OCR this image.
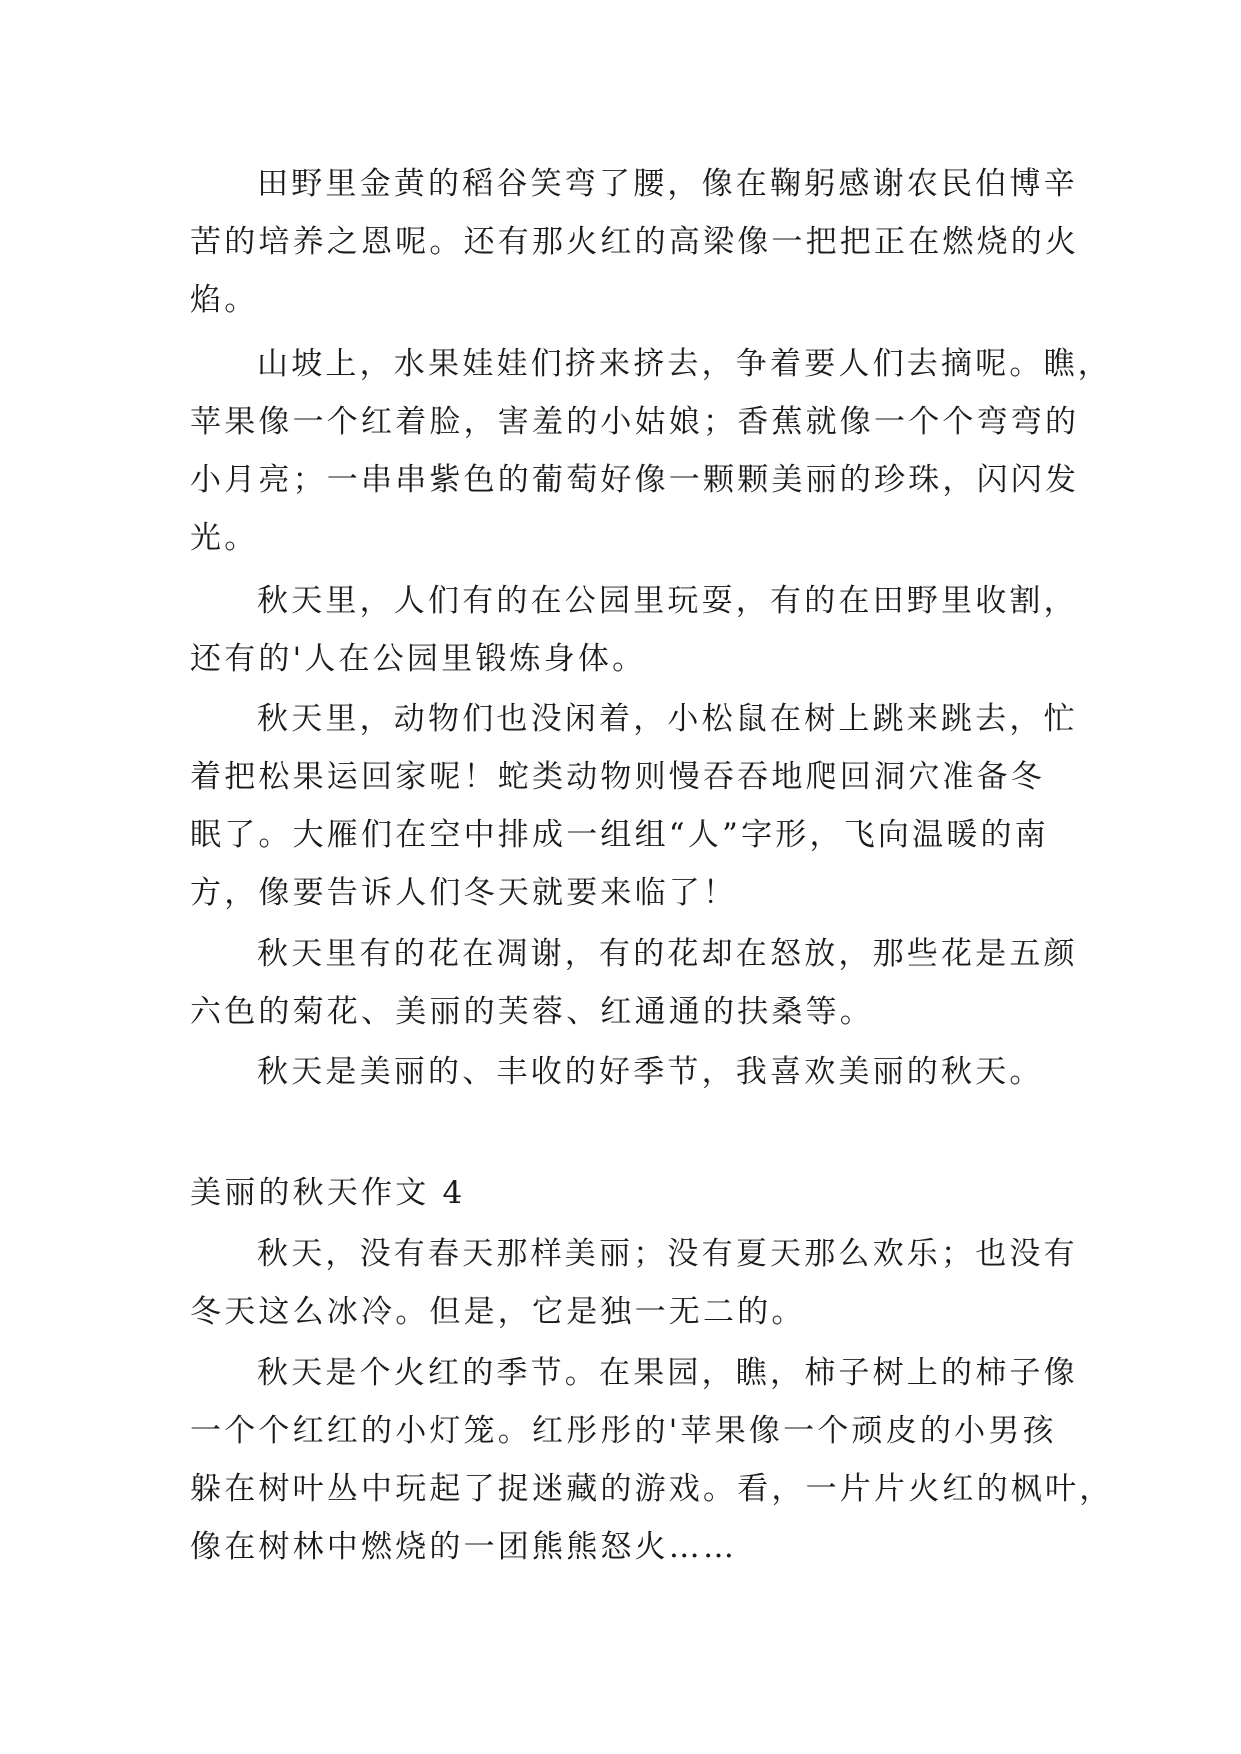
田野里金黄的稻谷笑弯了腰，像在鞠躬感谢农民伯博辛
苦的培养之恩呢。还有那火红的高梁像一把把正在燃烧的火
焰。
山坡上，水果娃娃们挤来挤去，争着要人们去摘呢。瞧，
苹果像一个红着脸，害羞的小姑娘；香蕉就像一个个弯弯的
小月亮；一串串紫色的葡萄好像一颗颗美丽的珍珠，闪闪发
光。
秋天里，人们有的在公园里玩耍，有的在田野里收割，
还有的'人在公园里锻炼身体。
秋天里，动物们也没闲着，小松鼠在树上跳来跳去，忙
着把松果运回家呢！蛇类动物则慢吞吞地爬回洞穴准备冬
眠了。大雁们在空中排成一组组“人”字形，飞向温暖的南
方，像要告诉人们冬天就要来临了！
秋天里有的花在凋谢，有的花却在怒放，那些花是五颜
六色的菊花、美丽的芙蓉、红通通的扶桑等。
秋天是美丽的、丰收的好季节，我喜欢美丽的秋天。
美丽的秋天作文 4
秋天，没有春天那样美丽；没有夏天那么欢乐；也没有
冬天这么冰冷。但是，它是独一无二的。
秋天是个火红的季节。在果园，瞧，柿子树上的柿子像
一个个红红的小灯笼。红彤彤的'苹果像一个顽皮的小男孩
躲在树叶丛中玩起了捉迷藏的游戏。看，一片片火红的枫叶，
像在树林中燃烧的一团熊熊怒火……
